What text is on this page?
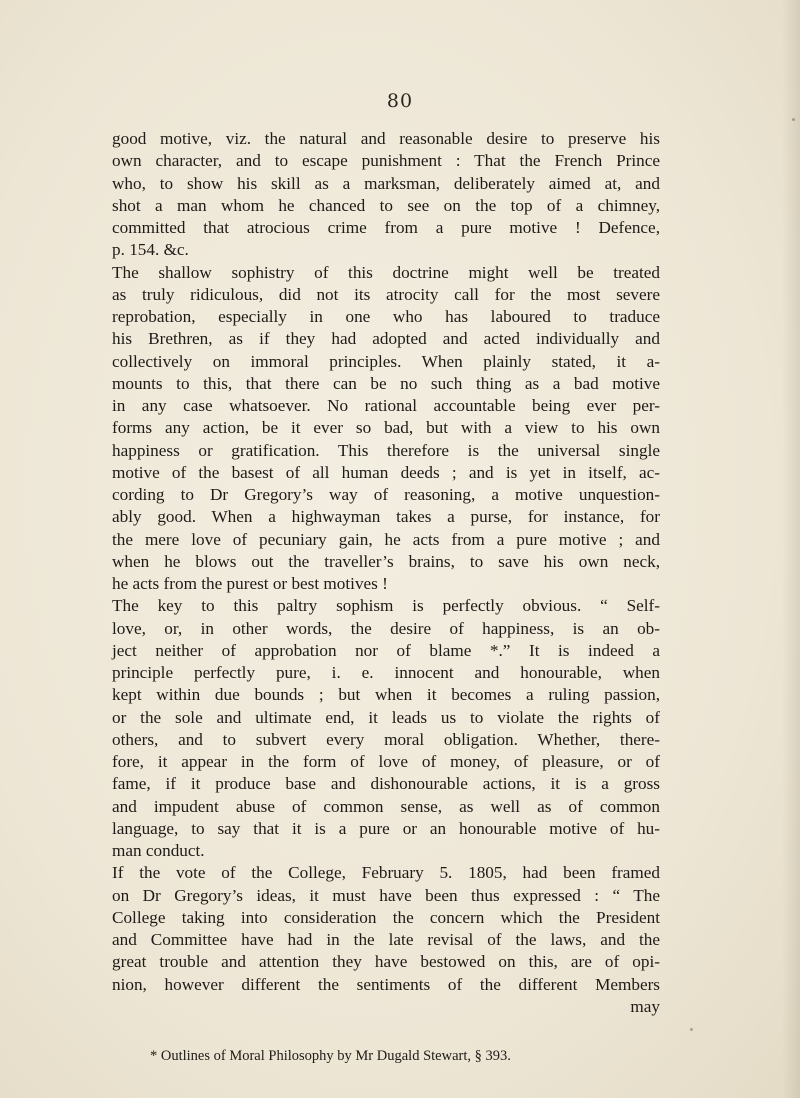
80
good motive, viz. the natural and reasonable desire to preserve his
own character, and to escape punishment : That the French Prince
who, to show his skill as a marksman, deliberately aimed at, and
shot a man whom he chanced to see on the top of a chimney,
committed that atrocious crime from a pure motive ! Defence,
p. 154. &c.
The shallow sophistry of this doctrine might well be treated
as truly ridiculous, did not its atrocity call for the most severe
reprobation, especially in one who has laboured to traduce
his Brethren, as if they had adopted and acted individually and
collectively on immoral principles. When plainly stated, it a-
mounts to this, that there can be no such thing as a bad motive
in any case whatsoever. No rational accountable being ever per-
forms any action, be it ever so bad, but with a view to his own
happiness or gratification. This therefore is the universal single
motive of the basest of all human deeds ; and is yet in itself, ac-
cording to Dr Gregory’s way of reasoning, a motive unquestion-
ably good. When a highwayman takes a purse, for instance, for
the mere love of pecuniary gain, he acts from a pure motive ; and
when he blows out the traveller’s brains, to save his own neck,
he acts from the purest or best motives !
The key to this paltry sophism is perfectly obvious. “ Self-
love, or, in other words, the desire of happiness, is an ob-
ject neither of approbation nor of blame *.” It is indeed a
principle perfectly pure, i. e. innocent and honourable, when
kept within due bounds ; but when it becomes a ruling passion,
or the sole and ultimate end, it leads us to violate the rights of
others, and to subvert every moral obligation. Whether, there-
fore, it appear in the form of love of money, of pleasure, or of
fame, if it produce base and dishonourable actions, it is a gross
and impudent abuse of common sense, as well as of common
language, to say that it is a pure or an honourable motive of hu-
man conduct.
If the vote of the College, February 5. 1805, had been framed
on Dr Gregory’s ideas, it must have been thus expressed : “ The
College taking into consideration the concern which the President
and Committee have had in the late revisal of the laws, and the
great trouble and attention they have bestowed on this, are of opi-
nion, however different the sentiments of the different Members
may
* Outlines of Moral Philosophy by Mr Dugald Stewart, § 393.
